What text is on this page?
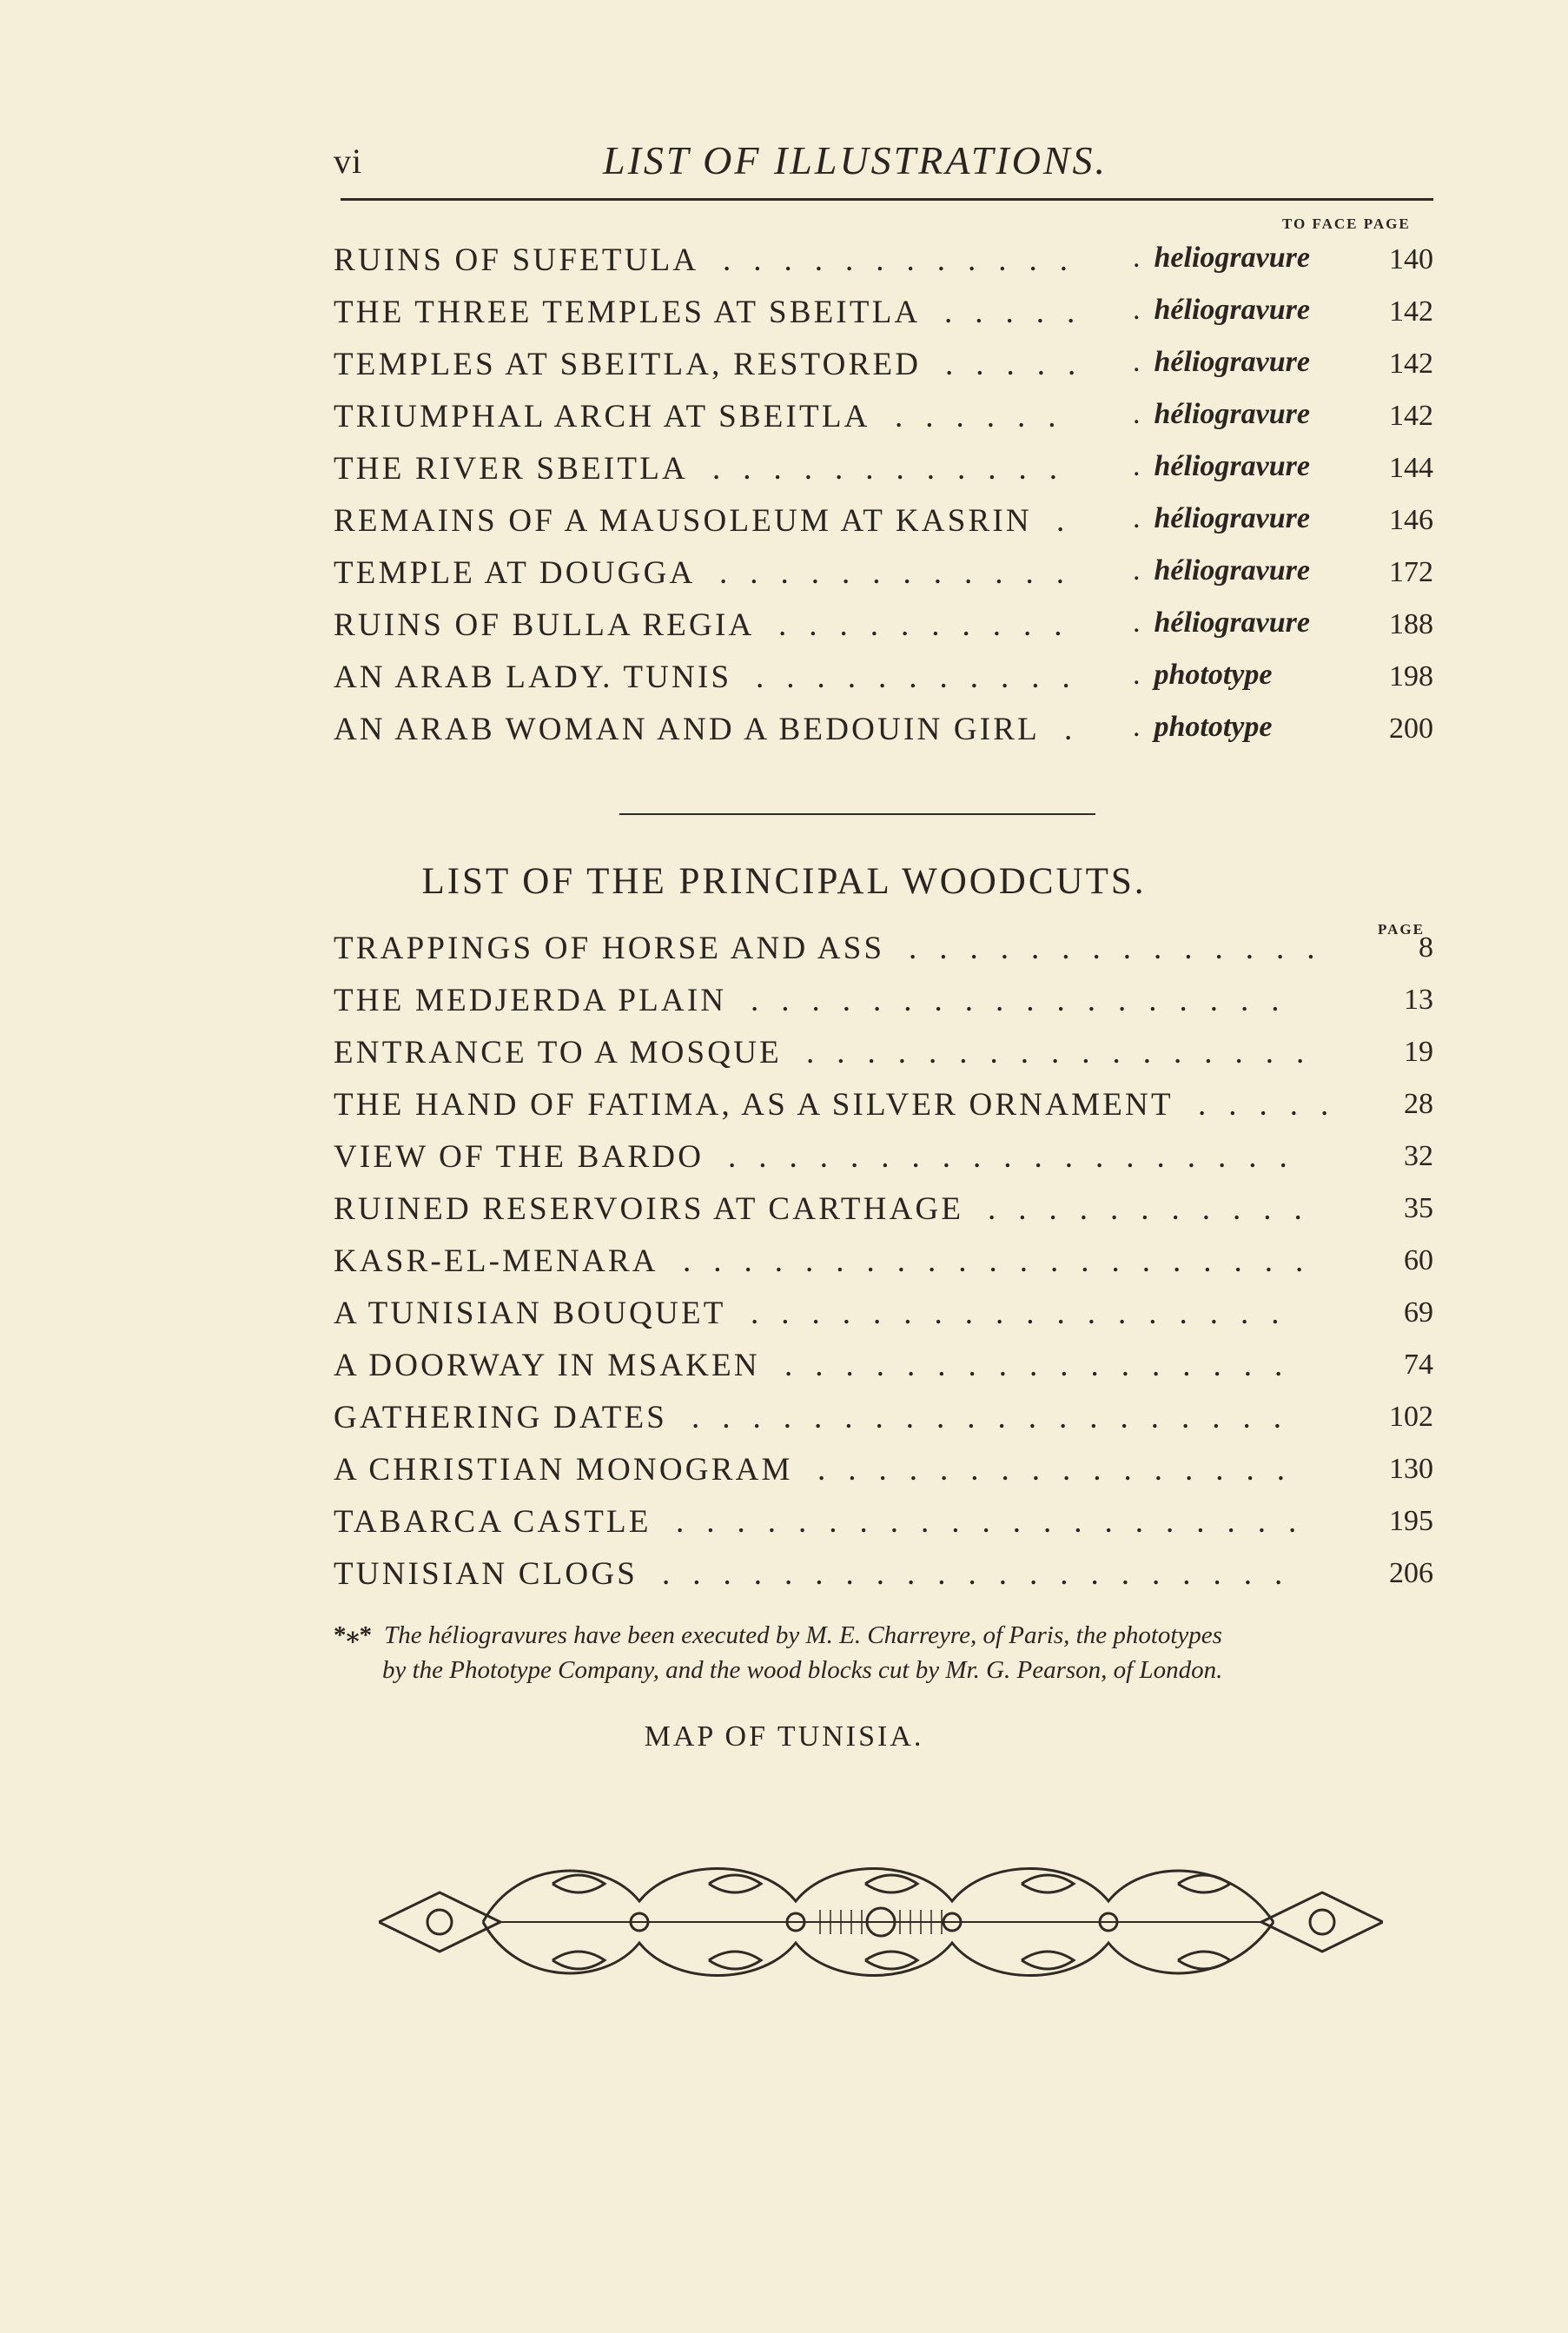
vi	LIST OF ILLUSTRATIONS.
TO FACE PAGE
RUINS OF SUFETULA	. heliogravure	140
............
THE THREE TEMPLES AT SBEITLA	. héliogravure	142
.....
TEMPLES AT SBEITLA, RESTORED	. héliogravure	142
.....
TRIUMPHAL ARCH AT SBEITLA	. héliogravure	142
......
THE RIVER SBEITLA	. héliogravure	144
............
REMAINS OF A MAUSOLEUM AT KASRIN	. héliogravure	146
.
TEMPLE AT DOUGGA	. héliogravure	172
............
RUINS OF BULLA REGIA	. héliogravure	188
..........
AN ARAB LADY. TUNIS	. phototype	198
...........
AN ARAB WOMAN AND A BEDOUIN GIRL	. phototype	200
.
LIST OF THE PRINCIPAL WOODCUTS.
PAGE
TRAPPINGS OF HORSE AND ASS	8
..............
THE MEDJERDA PLAIN	13
..................
ENTRANCE TO A MOSQUE	19
.................
THE HAND OF FATIMA, AS A SILVER ORNAMENT	28
.....
VIEW OF THE BARDO	32
...................
RUINED RESERVOIRS AT CARTHAGE	35
...........
KASR-EL-MENARA	60
.....................
A TUNISIAN BOUQUET	69
..................
A DOORWAY IN MSAKEN	74
.................
GATHERING DATES	102
....................
A CHRISTIAN MONOGRAM	130
................
TABARCA CASTLE	195
.....................
TUNISIAN CLOGS	206
.....................
*⁎* The héliogravures have been executed by M. E. Charreyre, of Paris, the phototypes
by the Phototype Company, and the wood blocks cut by Mr. G. Pearson, of London.
MAP OF TUNISIA.
